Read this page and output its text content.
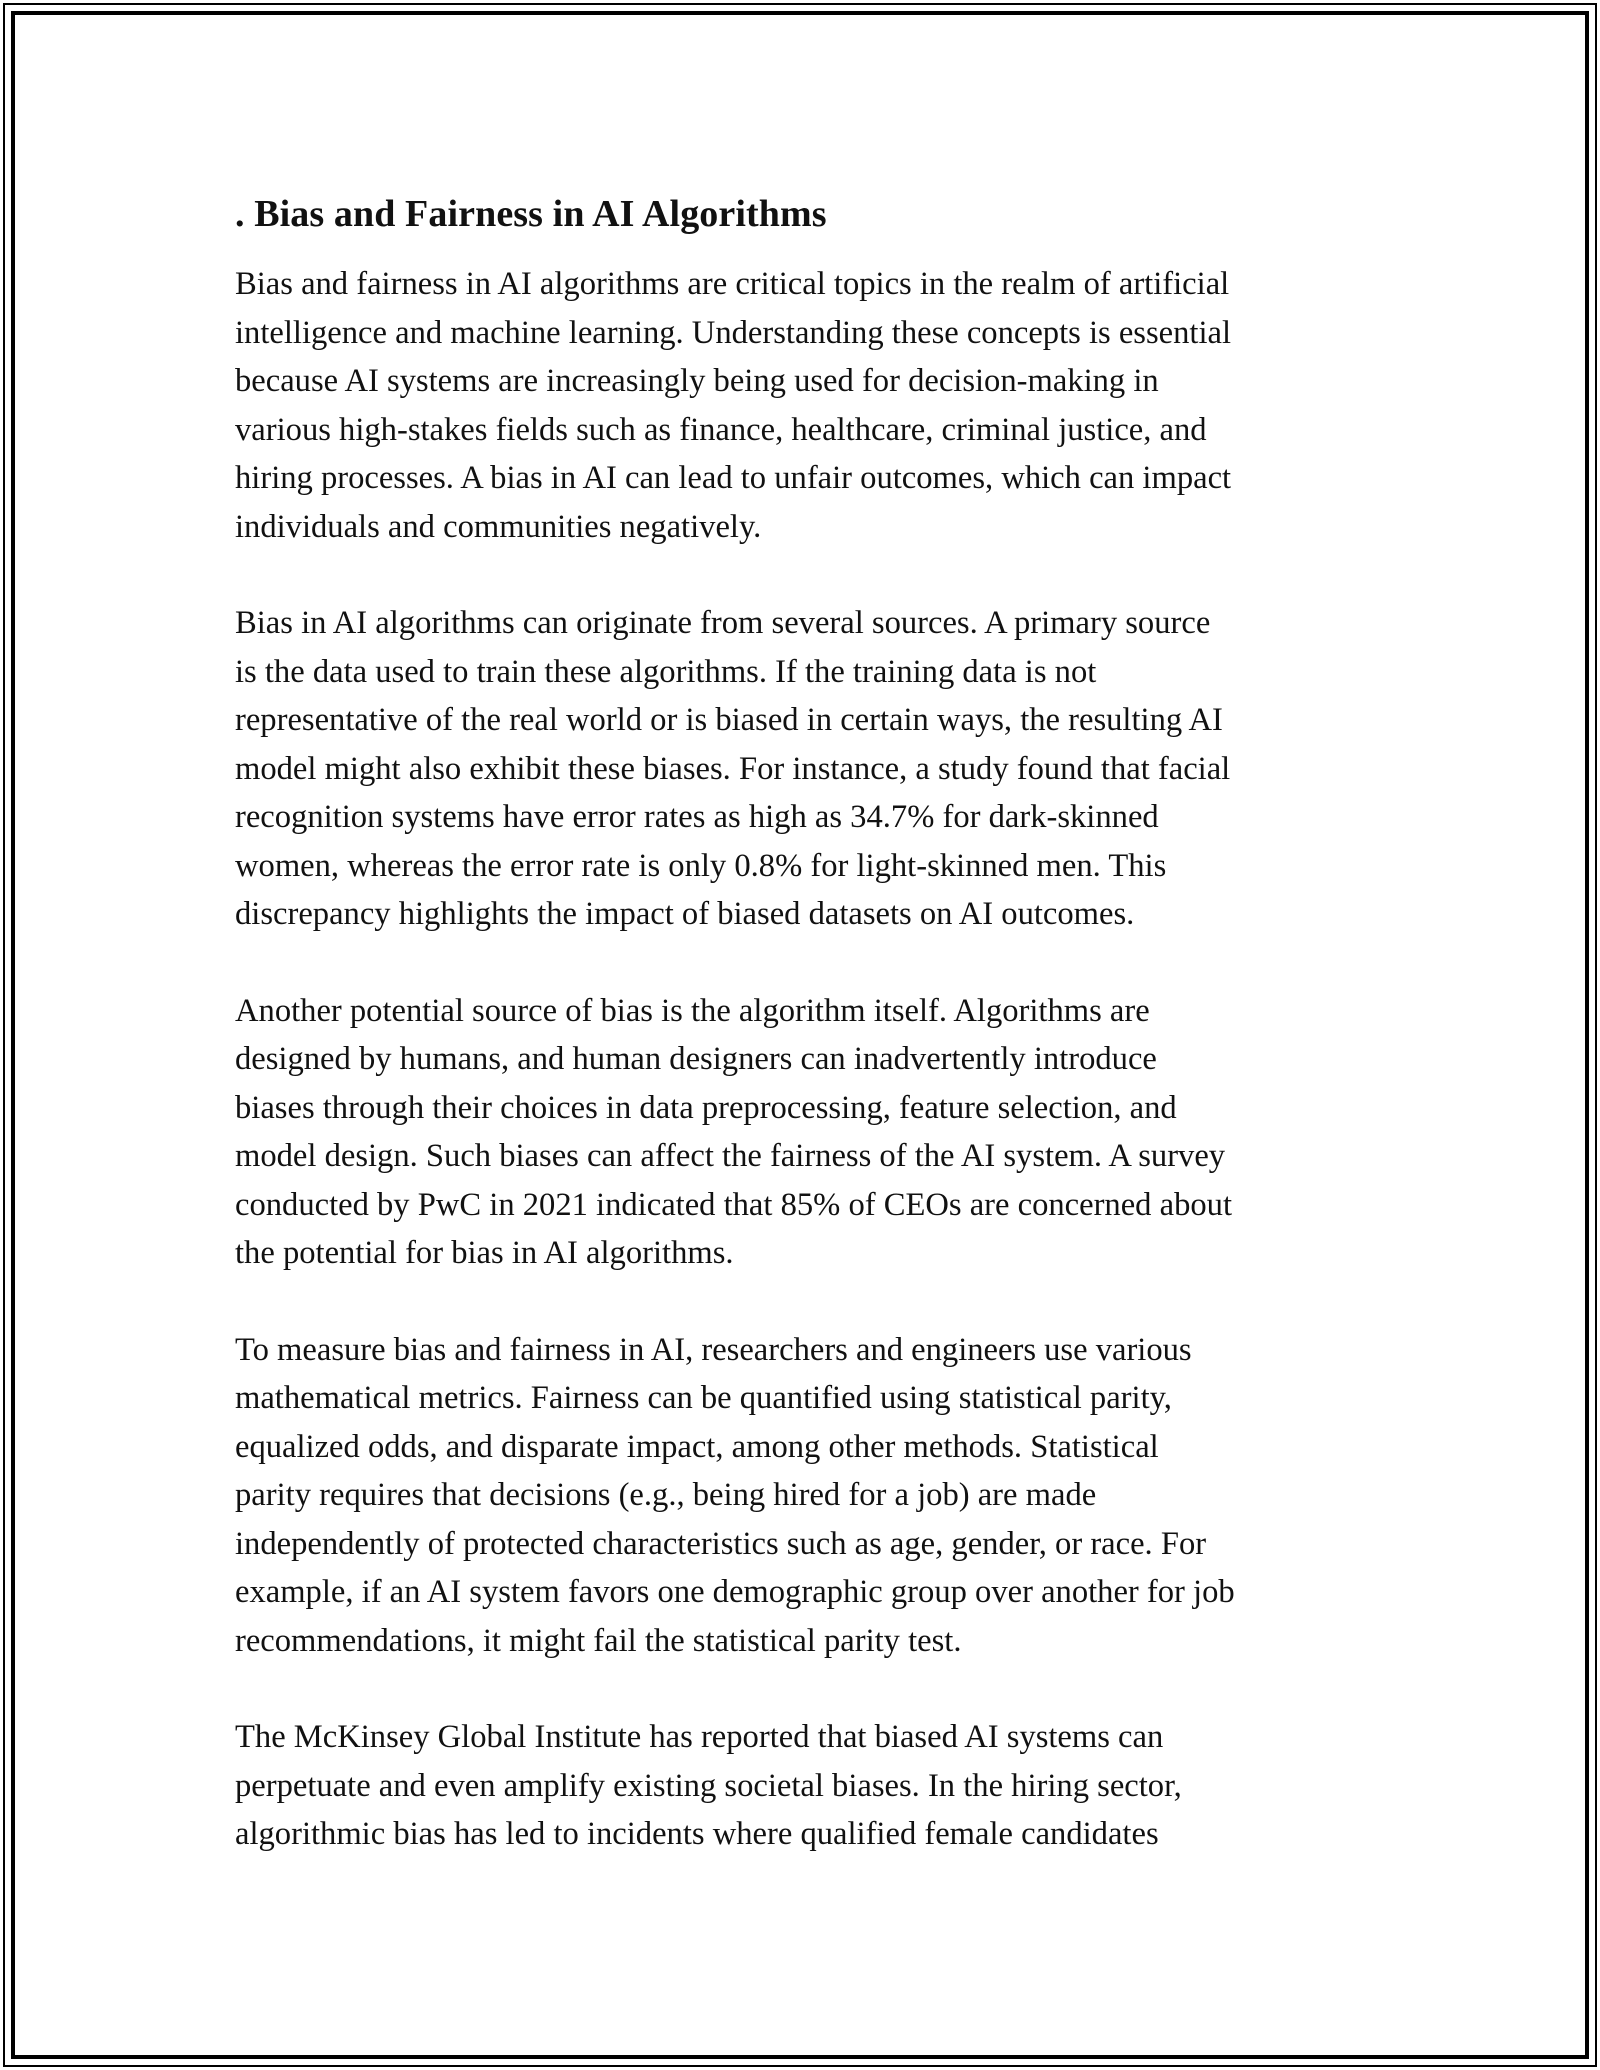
. Bias and Fairness in AI Algorithms

Bias and fairness in AI algorithms are critical topics in the realm of artificial
intelligence and machine learning. Understanding these concepts is essential
because AI systems are increasingly being used for decision-making in
various high-stakes fields such as finance, healthcare, criminal justice, and
hiring processes. A bias in AI can lead to unfair outcomes, which can impact
individuals and communities negatively.

Bias in AI algorithms can originate from several sources. A primary source
is the data used to train these algorithms. If the training data is not
representative of the real world or is biased in certain ways, the resulting AI
model might also exhibit these biases. For instance, a study found that facial
recognition systems have error rates as high as 34.7% for dark-skinned
women, whereas the error rate is only 0.8% for light-skinned men. This
discrepancy highlights the impact of biased datasets on AI outcomes.

Another potential source of bias is the algorithm itself. Algorithms are
designed by humans, and human designers can inadvertently introduce
biases through their choices in data preprocessing, feature selection, and
model design. Such biases can affect the fairness of the AI system. A survey
conducted by PwC in 2021 indicated that 85% of CEOs are concerned about
the potential for bias in AI algorithms.

To measure bias and fairness in AI, researchers and engineers use various
mathematical metrics. Fairness can be quantified using statistical parity,
equalized odds, and disparate impact, among other methods. Statistical
parity requires that decisions (e.g., being hired for a job) are made
independently of protected characteristics such as age, gender, or race. For
example, if an AI system favors one demographic group over another for job
recommendations, it might fail the statistical parity test.

The McKinsey Global Institute has reported that biased AI systems can
perpetuate and even amplify existing societal biases. In the hiring sector,
algorithmic bias has led to incidents where qualified female candidates
